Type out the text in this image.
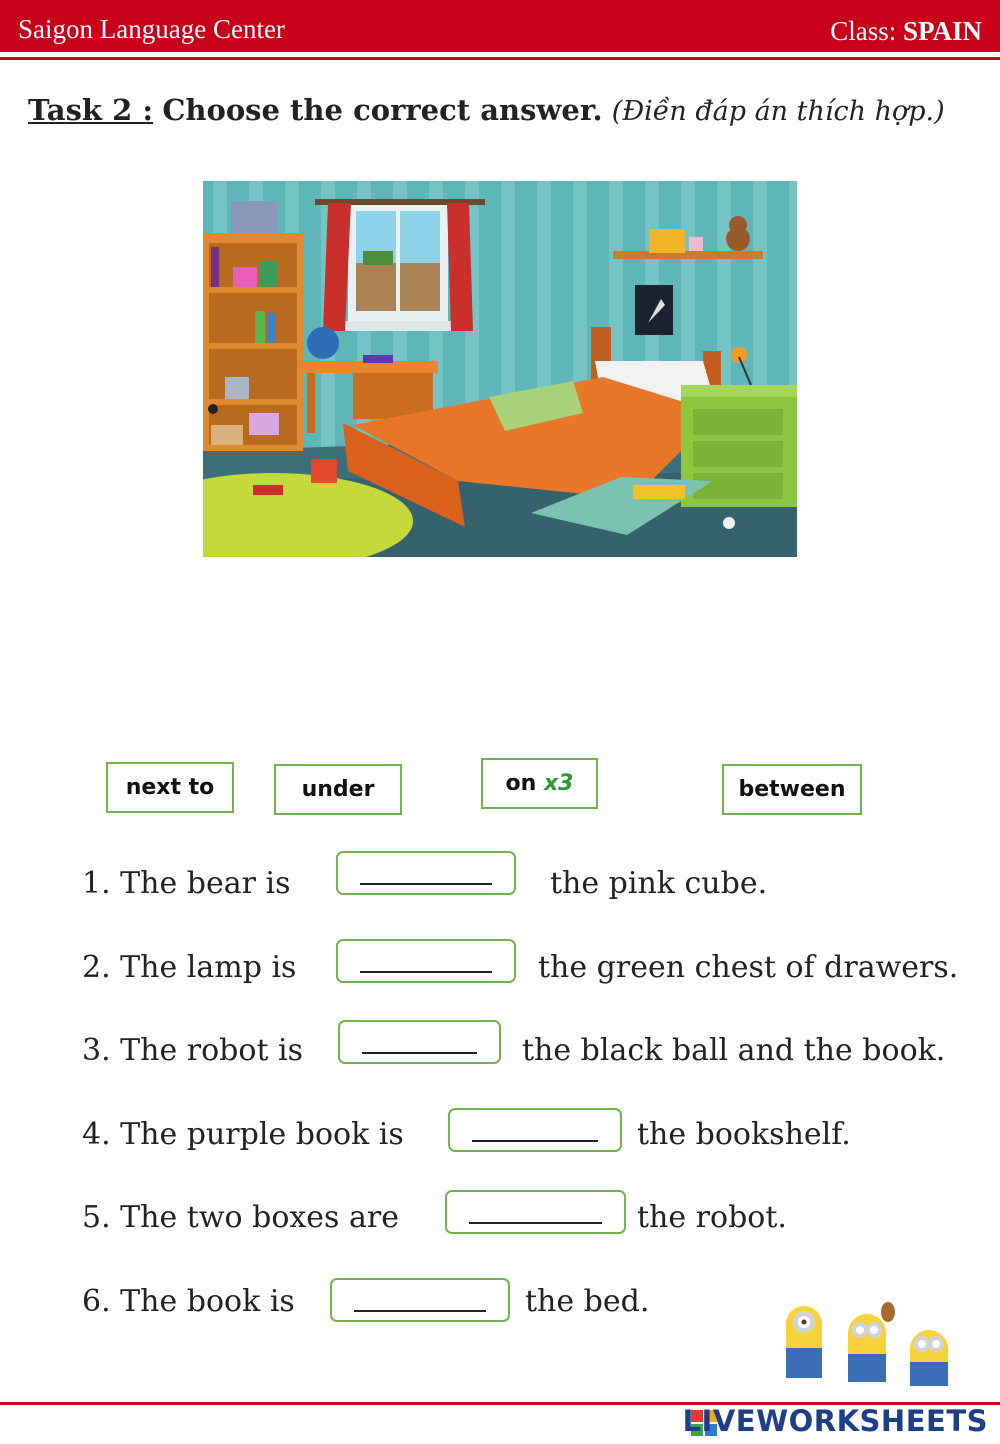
Saigon Language Center	Class: SPAIN
Task 2 : Choose the correct answer. (Điền đáp án thích hợp.)
next to	under	on
x3	between
1. The bear is	the pink cube.
2. The lamp is	the green chest of drawers.
3. The robot is	the black ball and the book.
4. The purple book is	the bookshelf.
5. The two boxes are	the robot.
6. The book is	the bed.
LIVEWORKSHEETS
